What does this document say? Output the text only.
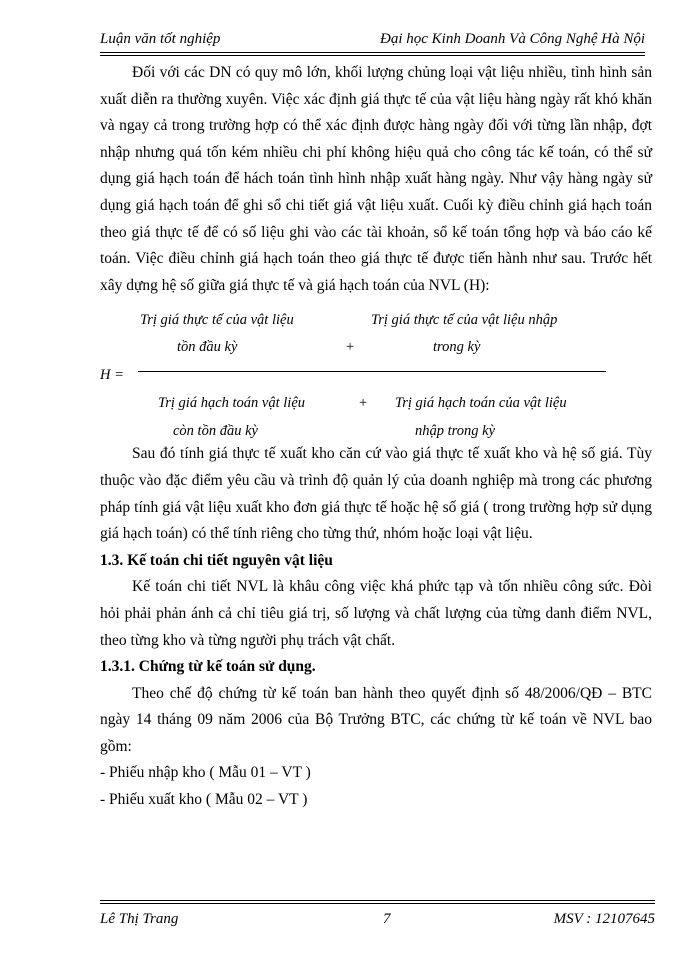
Luận văn tốt nghiệp	Đại học Kinh Doanh Và Công Nghệ Hà Nội

Đối với các DN có quy mô lớn, khối lượng chủng loại vật liệu nhiều, tình hình sản xuất diễn ra thường xuyên. Việc xác định giá thực tế của vật liệu hàng ngày rất khó khăn và ngay cả trong trường hợp có thể xác định được hàng ngày đối với từng lần nhập, đợt nhập nhưng quá tốn kém nhiều chi phí không hiệu quả cho công tác kế toán, có thể sử dụng giá hạch toán để hách toán tình hình nhập xuất hàng ngày. Như vậy hàng ngày sử dụng giá hạch toán để ghi sổ chi tiết giá vật liệu xuất. Cuối kỳ điều chỉnh giá hạch toán theo giá thực tế để có số liệu ghi vào các tài khoản, sổ kế toán tổng hợp và báo cáo kế toán. Việc điều chỉnh giá hạch toán theo giá thực tế được tiến hành như sau. Trước hết xây dựng hệ số giữa giá thực tế và giá hạch toán của NVL (H):

Trị giá thực tế của vật liệu
tồn đầu kỳ	+
Trị giá thực tế của vật liệu nhập
trong kỳ
H =
Trị giá hạch toán vật liệu
còn tồn đầu kỳ
+ Trị giá hạch toán của vật liệu
nhập trong kỳ

Sau đó tính giá thực tế xuất kho căn cứ vào giá thực tế xuất kho và hệ số giá. Tùy thuộc vào đặc điểm yêu cầu và trình độ quản lý của doanh nghiệp mà trong các phương pháp tính giá vật liệu xuất kho đơn giá thực tế hoặc hệ số giá ( trong trường hợp sử dụng giá hạch toán) có thể tính riêng cho từng thứ, nhóm hoặc loại vật liệu.

1.3. Kế toán chi tiết nguyên vật liệu

Kế toán chi tiết NVL là khâu công việc khá phức tạp và tốn nhiều công sức. Đòi hỏi phải phản ánh cả chỉ tiêu giá trị, số lượng và chất lượng của từng danh điểm NVL, theo từng kho và từng người phụ trách vật chất.

1.3.1. Chứng từ kế toán sử dụng.

Theo chế độ chứng từ kế toán ban hành theo quyết định số 48/2006/QĐ – BTC ngày 14 tháng 09 năm 2006 của Bộ Trưởng BTC, các chứng từ kế toán về NVL bao gồm:

- Phiếu nhập kho ( Mẫu 01 – VT )

- Phiếu xuất kho ( Mẫu 02 – VT )

Lê Thị Trang	7	MSV : 12107645
